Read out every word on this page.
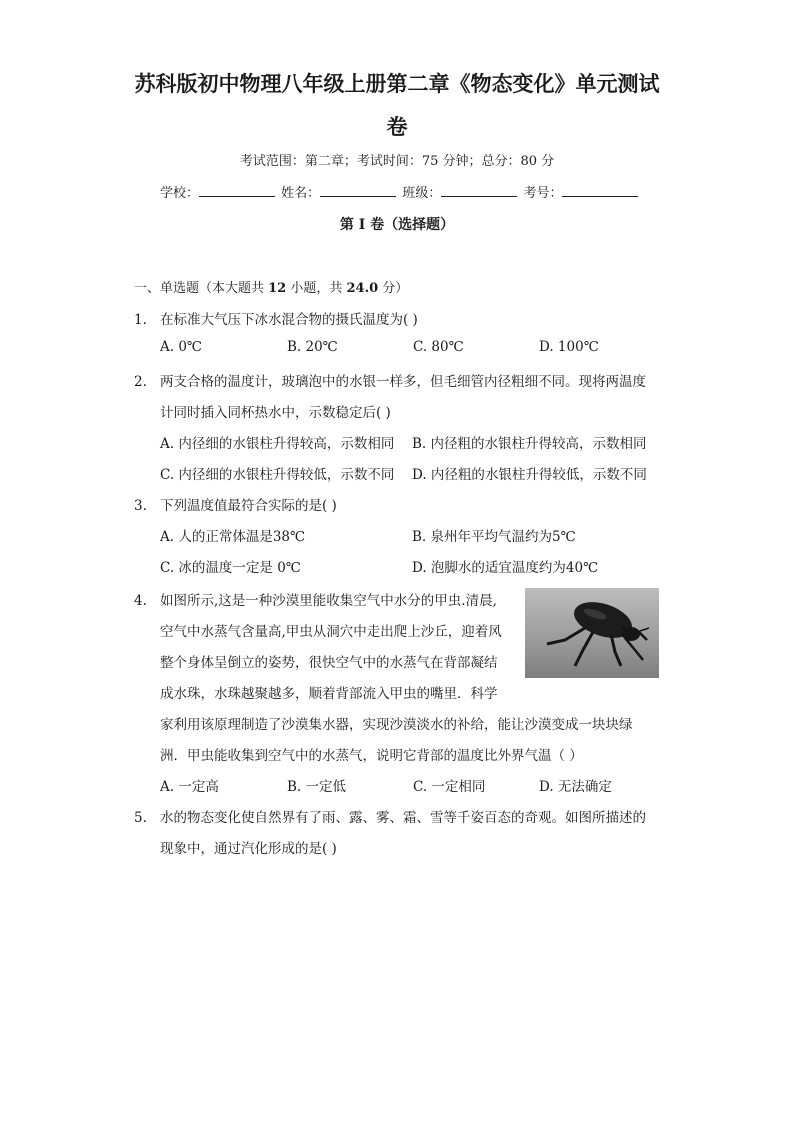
苏科版初中物理八年级上册第二章《物态变化》单元测试
卷
考试范围：第二章；考试时间：75 分钟；总分：80 分
学校：	姓名：	班级：	考号：
第 I 卷（选择题）
一、单选题（本大题共 12 小题，共 24.0 分）
1. 在标准大气压下冰水混合物的摄氏温度为( )
A. 0℃	B. 20℃	C. 80℃	D. 100℃
2. 两支合格的温度计，玻璃泡中的水银一样多，但毛细管内径粗细不同。现将两温度
计同时插入同杯热水中，示数稳定后( )
A. 内径细的水银柱升得较高，示数相同 B. 内径粗的水银柱升得较高，示数相同
C. 内径细的水银柱升得较低，示数不同 D. 内径粗的水银柱升得较低，示数不同
3. 下列温度值最符合实际的是( )
A. 人的正常体温是38℃	B. 泉州年平均气温约为5℃
C. 冰的温度一定是 0℃	D. 泡脚水的适宜温度约为40℃
4. 如图所示,这是一种沙漠里能收集空气中水分的甲虫.清晨,
空气中水蒸气含量高,甲虫从洞穴中走出爬上沙丘，迎着风
整个身体呈倒立的姿势，很快空气中的水蒸气在背部凝结
成水珠，水珠越聚越多，顺着背部流入甲虫的嘴里．科学
家利用该原理制造了沙漠集水器，实现沙漠淡水的补给，能让沙漠变成一块块绿
洲．甲虫能收集到空气中的水蒸气，说明它背部的温度比外界气温（ ）
A. 一定高	B. 一定低	C. 一定相同	D. 无法确定
5. 水的物态变化使自然界有了雨、露、雾、霜、雪等千姿百态的奇观。如图所描述的
现象中，通过汽化形成的是( )
